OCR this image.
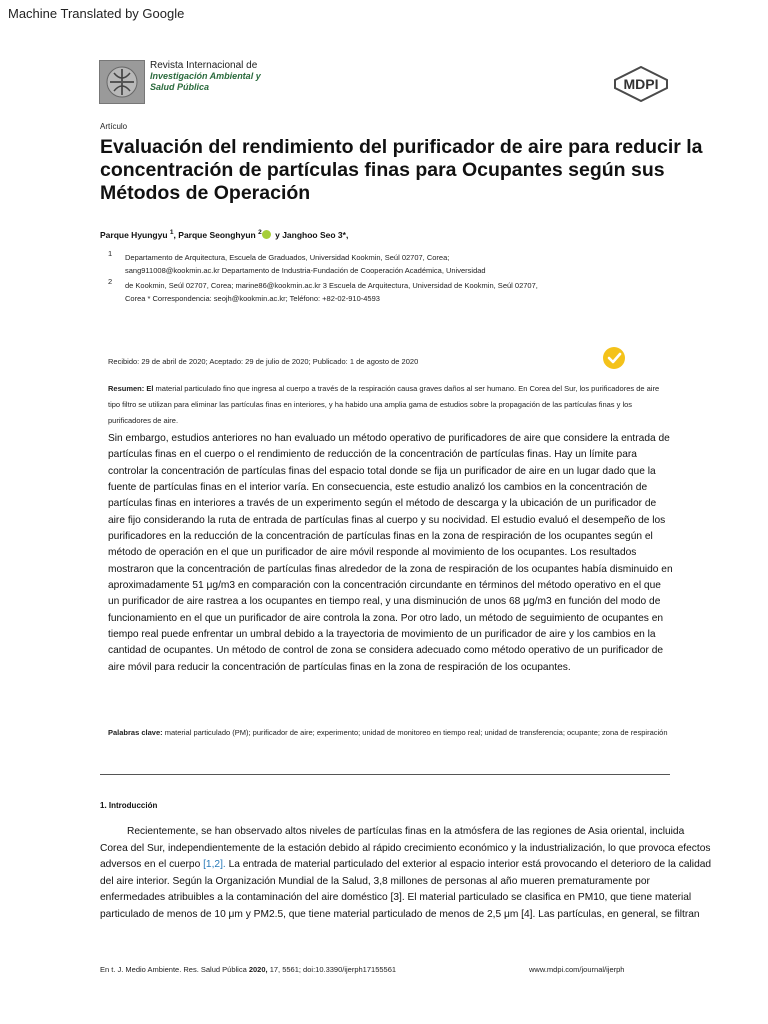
Machine Translated by Google
Revista Internacional de
Investigación Ambiental y
Salud Pública	MDPI
Artículo
Evaluación del rendimiento del purificador de aire para reducir la concentración de partículas finas para Ocupantes según sus Métodos de Operación
Parque Hyungyu $^1$, Parque Seonghyun $^2$ y Janghoo Seo 3*,
1
2
Departamento de Arquitectura, Escuela de Graduados, Universidad Kookmin, Seúl 02707, Corea;
sang911008@kookmin.ac.kr Departamento de Industria-Fundación de Cooperación Académica, Universidad
de Kookmin, Seúl 02707, Corea; marine86@kookmin.ac.kr 3 Escuela de Arquitectura, Universidad de Kookmin, Seúl 02707,
Corea * Correspondencia: seojh@kookmin.ac.kr; Teléfono: +82-02-910-4593
Recibido: 29 de abril de 2020; Aceptado: 29 de julio de 2020; Publicado: 1 de agosto de 2020
Resumen: El material particulado fino que ingresa al cuerpo a través de la respiración causa graves daños al ser humano. En Corea del Sur, los purificadores de aire tipo filtro se utilizan para eliminar las partículas finas en interiores, y ha habido una amplia gama de estudios sobre la propagación de las partículas finas y los purificadores de aire.
Sin embargo, estudios anteriores no han evaluado un método operativo de purificadores de aire que considere la entrada de partículas finas en el cuerpo o el rendimiento de reducción de la concentración de partículas finas. Hay un límite para controlar la concentración de partículas finas del espacio total donde se fija un purificador de aire en un lugar dado que la fuente de partículas finas en el interior varía. En consecuencia, este estudio analizó los cambios en la concentración de partículas finas en interiores a través de un experimento según el método de descarga y la ubicación de un purificador de aire fijo considerando la ruta de entrada de partículas finas al cuerpo y su nocividad. El estudio evaluó el desempeño de los purificadores en la reducción de la concentración de partículas finas en la zona de respiración de los ocupantes según el método de operación en el que un purificador de aire móvil responde al movimiento de los ocupantes. Los resultados mostraron que la concentración de partículas finas alrededor de la zona de respiración de los ocupantes había disminuido en aproximadamente 51 μg/m3 en comparación con la concentración circundante en términos del método operativo en el que un purificador de aire rastrea a los ocupantes en tiempo real, y una disminución de unos 68 μg/m3 en función del modo de funcionamiento en el que un purificador de aire controla la zona. Por otro lado, un método de seguimiento de ocupantes en tiempo real puede enfrentar un umbral debido a la trayectoria de movimiento de un purificador de aire y los cambios en la cantidad de ocupantes. Un método de control de zona se considera adecuado como método operativo de un purificador de aire móvil para reducir la concentración de partículas finas en la zona de respiración de los ocupantes.
Palabras clave: material particulado (PM); purificador de aire; experimento; unidad de monitoreo en tiempo real; unidad de transferencia; ocupante; zona de respiración
1. Introducción
Recientemente, se han observado altos niveles de partículas finas en la atmósfera de las regiones de Asia oriental, incluida Corea del Sur, independientemente de la estación debido al rápido crecimiento económico y la industrialización, lo que provoca efectos adversos en el cuerpo [1,2]. La entrada de material particulado del exterior al espacio interior está provocando el deterioro de la calidad del aire interior. Según la Organización Mundial de la Salud, 3,8 millones de personas al año mueren prematuramente por enfermedades atribuibles a la contaminación del aire doméstico [3]. El material particulado se clasifica en PM10, que tiene material particulado de menos de 10 μm y PM2.5, que tiene material particulado de menos de 2,5 μm [4]. Las partículas, en general, se filtran
En t. J. Medio Ambiente. Res. Salud Pública 2020, 17, 5561; doi:10.3390/ijerph17155561	www.mdpi.com/journal/ijerph
